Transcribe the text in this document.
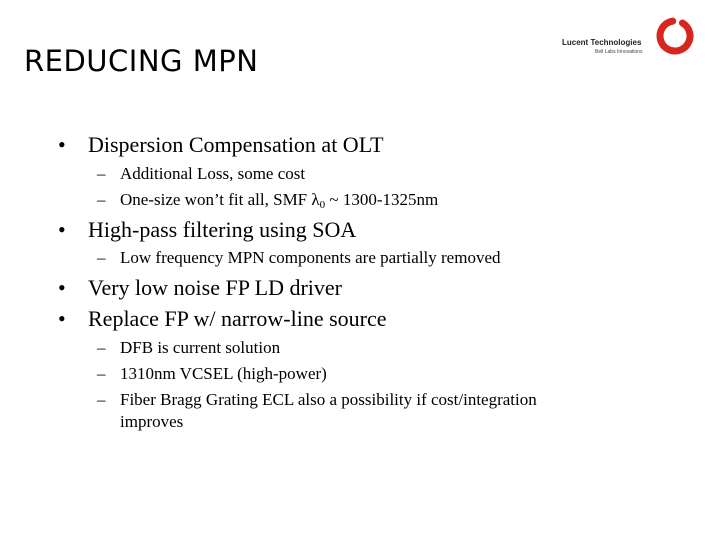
REDUCING MPN
Lucent Technologies
Bell Labs Innovations
• Dispersion Compensation at OLT
– Additional Loss, some cost
– One-size won’t fit all, SMF $\lambda_0$ ~ 1300-1325nm
• High-pass filtering using SOA
– Low frequency MPN components are partially removed
• Very low noise FP LD driver
• Replace FP w/ narrow-line source
– DFB is current solution
– 1310nm VCSEL (high-power)
– Fiber Bragg Grating ECL also a possibility if cost/integration
improves
